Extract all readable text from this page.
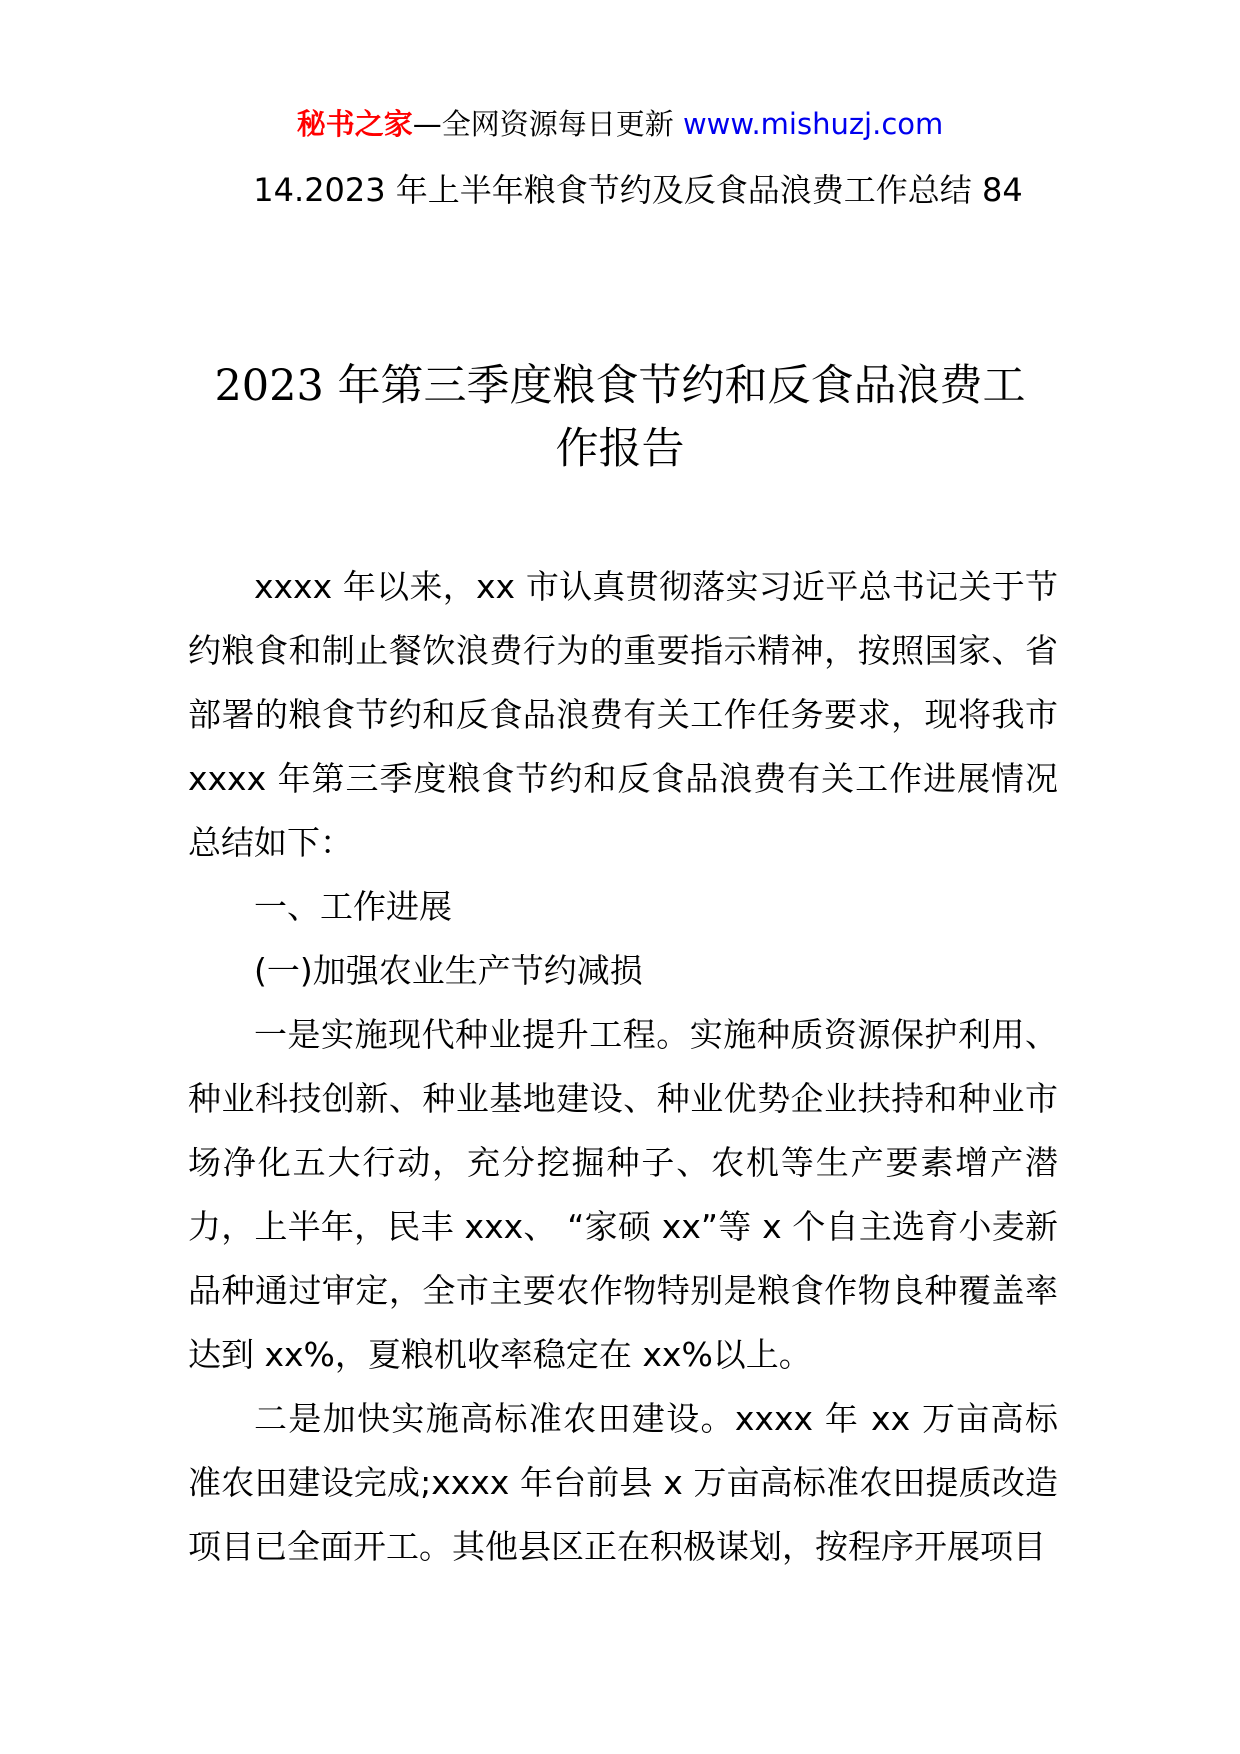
秘书之家—全网资源每日更新 www.mishuzj.com
14.2023 年上半年粮食节约及反食品浪费工作总结 84
2023 年第三季度粮食节约和反食品浪费工
作报告

xxxx 年以来，xx 市认真贯彻落实习近平总书记关于节约粮食和制止餐饮浪费行为的重要指示精神，按照国家、省部署的粮食节约和反食品浪费有关工作任务要求，现将我市 xxxx 年第三季度粮食节约和反食品浪费有关工作进展情况总结如下：

一、工作进展

(一)加强农业生产节约减损

一是实施现代种业提升工程。实施种质资源保护利用、种业科技创新、种业基地建设、种业优势企业扶持和种业市场净化五大行动，充分挖掘种子、农机等生产要素增产潜力，上半年，民丰 xxx、 “家硕 xx”等 x 个自主选育小麦新品种通过审定，全市主要农作物特别是粮食作物良种覆盖率达到 xx%，夏粮机收率稳定在 xx%以上。

二是加快实施高标准农田建设。xxxx 年 xx 万亩高标准农田建设完成;xxxx 年台前县 x 万亩高标准农田提质改造项目已全面开工。其他县区正在积极谋划，按程序开展项目
